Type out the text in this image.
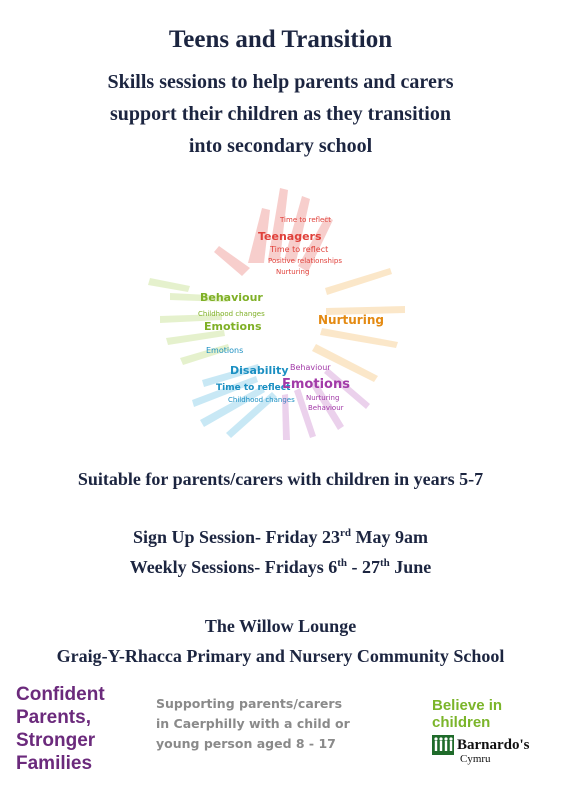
Teens and Transition
Skills sessions to help parents and carers
support their children as they transition
into secondary school
Time to reflect
Teenagers
Time to reflect
Positive relationships
Nurturing
Behaviour
Childhood changes
Emotions	Nurturing
Emotions
Disability
Time to reflect
Childhood changes
Behaviour
Emotions
Nurturing
Behaviour
Suitable for parents/carers with children in years 5-7
Sign Up Session- Friday 23rd May 9am
Weekly Sessions- Fridays 6th - 27th June
The Willow Lounge
Graig-Y-Rhacca Primary and Nursery Community School
Confident
Parents,
Stronger
Families
Supporting parents/carers
in Caerphilly with a child or
young person aged 8 - 17
Believe in
children
Barnardo's
Cymru
